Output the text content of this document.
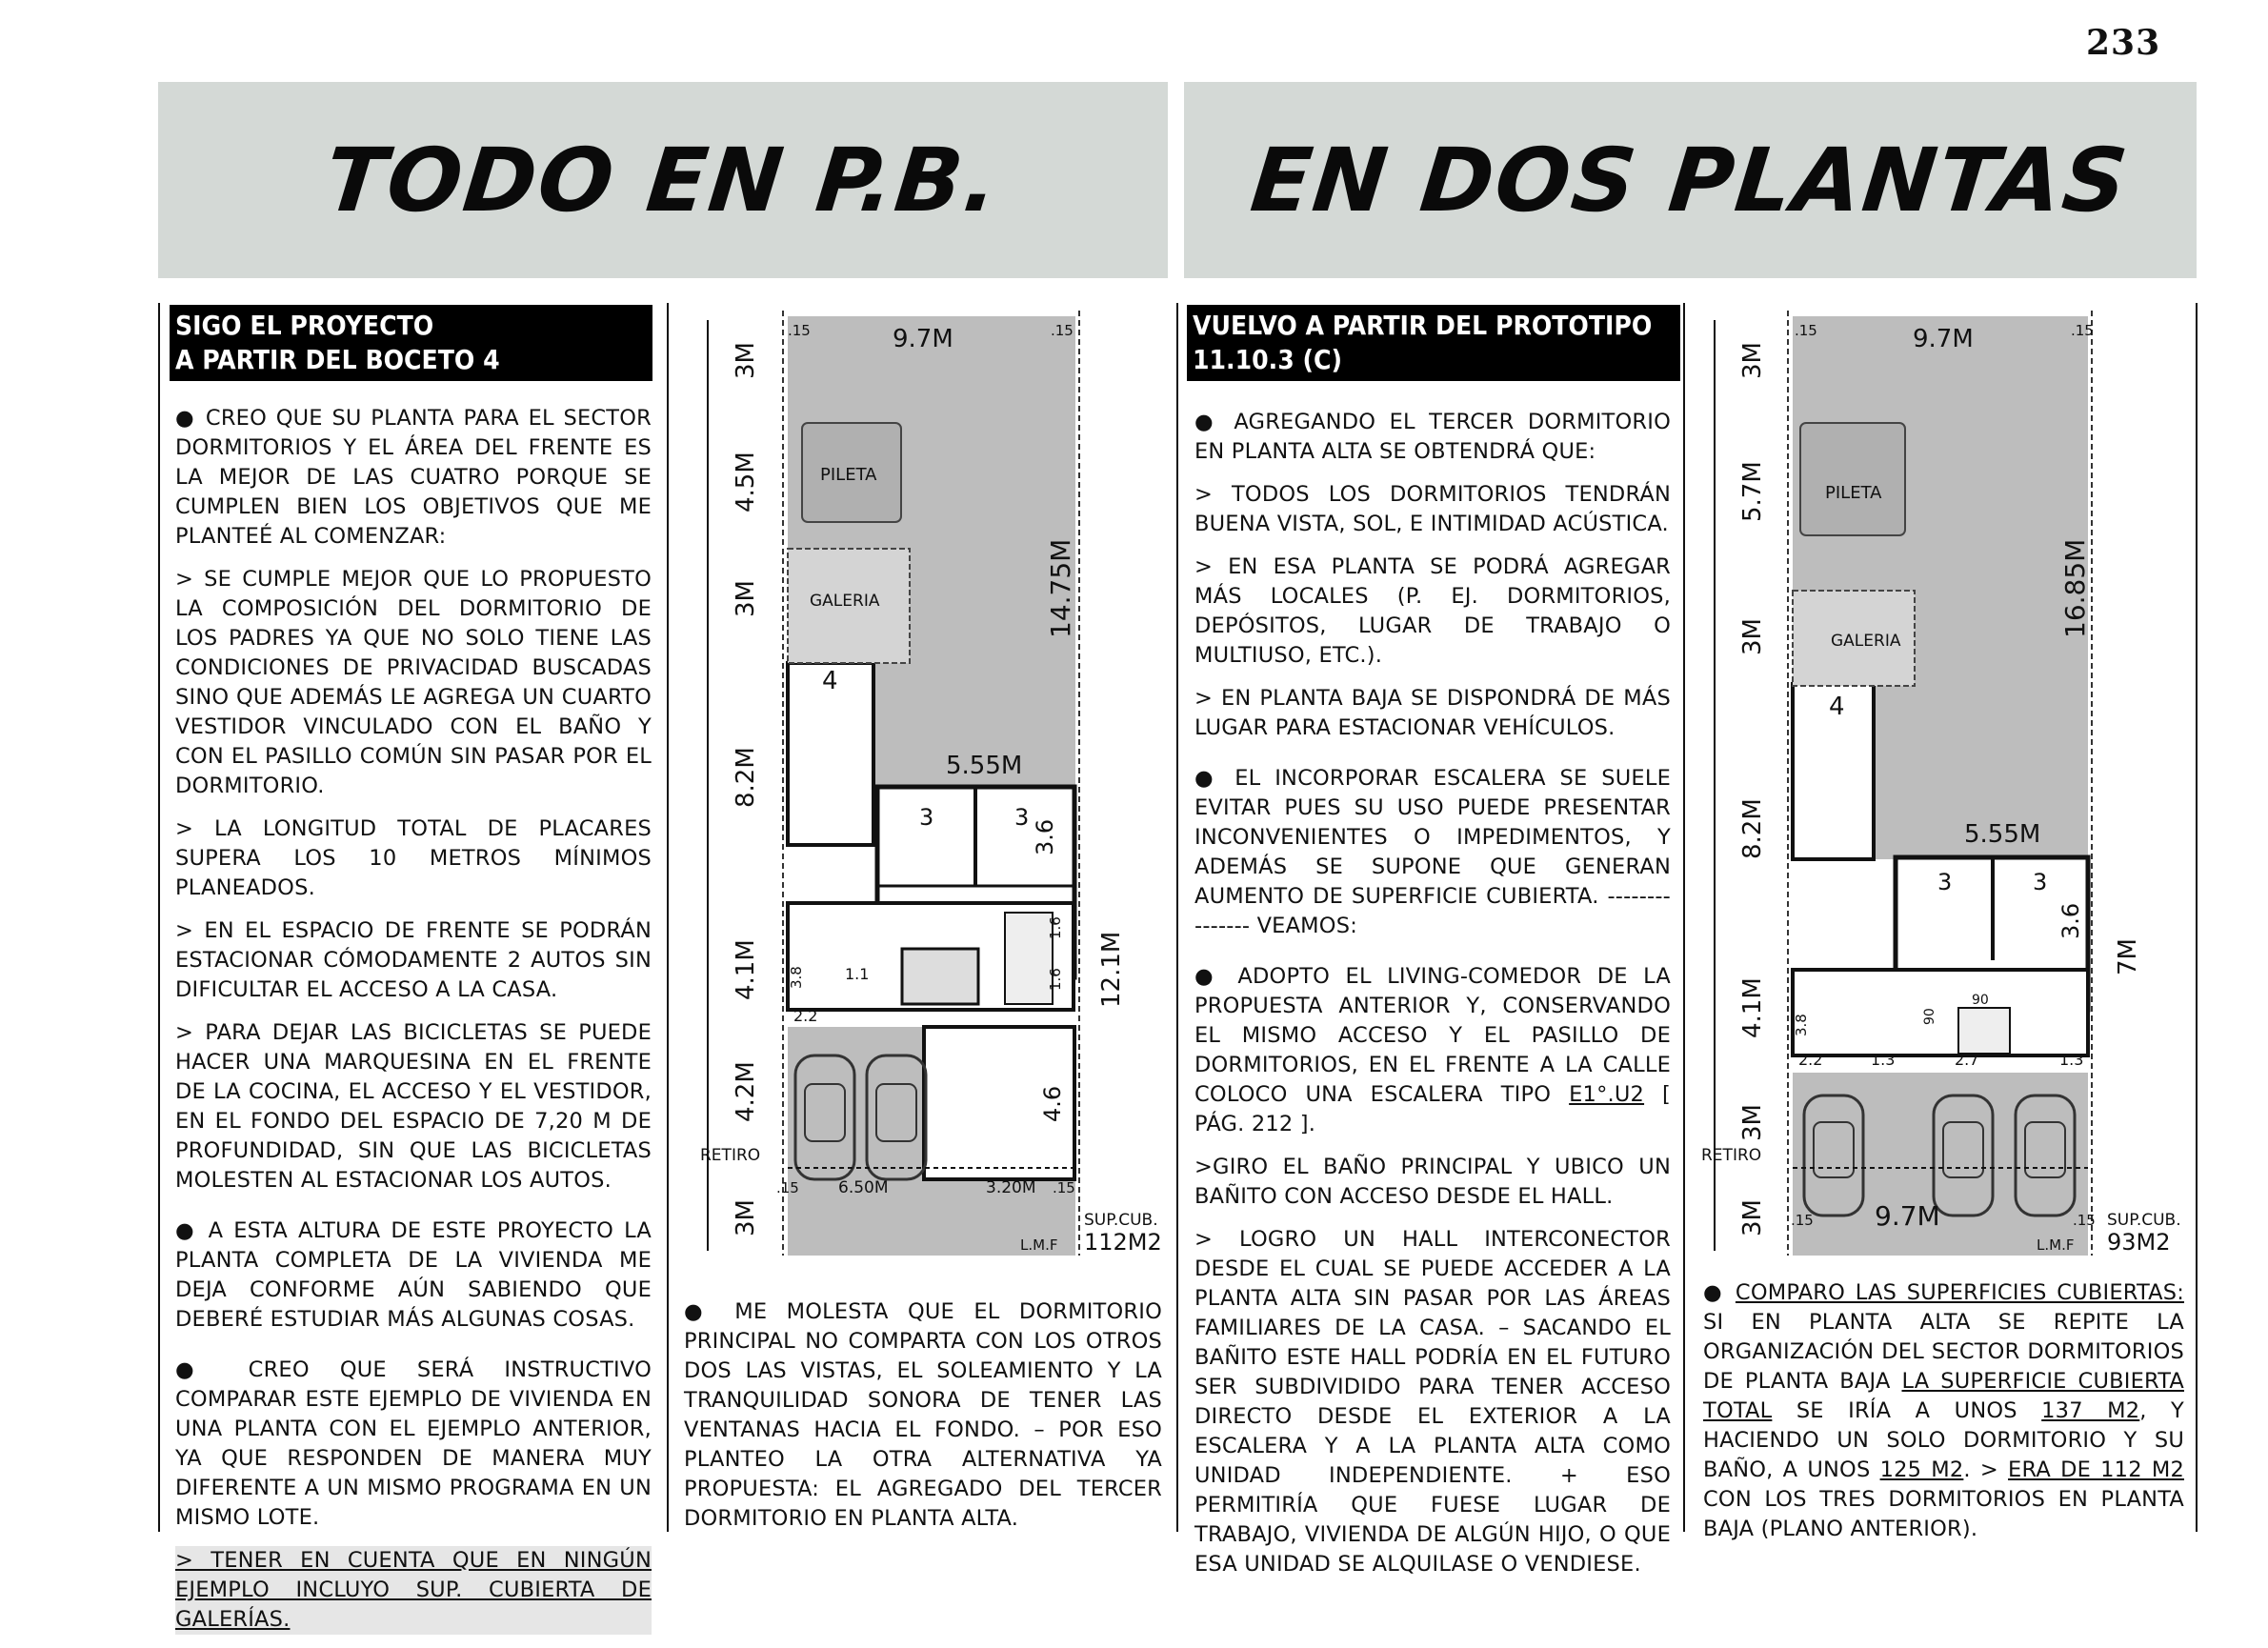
233
TODO EN P.B.	EN DOS PLANTAS
SIGO EL PROYECTO
A PARTIR DEL BOCETO 4

● CREO QUE SU PLANTA PARA EL SECTOR DORMITORIOS Y EL ÁREA DEL FRENTE ES LA MEJOR DE LAS CUATRO PORQUE SE CUMPLEN BIEN LOS OBJETIVOS QUE ME PLANTEÉ AL COMENZAR:

> SE CUMPLE MEJOR QUE LO PROPUESTO LA COMPOSICIÓN DEL DORMITORIO DE LOS PADRES YA QUE NO SOLO TIENE LAS CONDICIONES DE PRIVACIDAD BUSCADAS SINO QUE ADEMÁS LE AGREGA UN CUARTO VESTIDOR VINCULADO CON EL BAÑO Y CON EL PASILLO COMÚN SIN PASAR POR EL DORMITORIO.

> LA LONGITUD TOTAL DE PLACARES SUPERA LOS 10 METROS MÍNIMOS PLANEADOS.

> EN EL ESPACIO DE FRENTE SE PODRÁN ESTACIONAR CÓMODAMENTE 2 AUTOS SIN DIFICULTAR EL ACCESO A LA CASA.

> PARA DEJAR LAS BICICLETAS SE PUEDE HACER UNA MARQUESINA EN EL FRENTE DE LA COCINA, EL ACCESO Y EL VESTIDOR, EN EL FONDO DEL ESPACIO DE 7,20 M DE PROFUNDIDAD, SIN QUE LAS BICICLETAS MOLESTEN AL ESTACIONAR LOS AUTOS.

● A ESTA ALTURA DE ESTE PROYECTO LA PLANTA COMPLETA DE LA VIVIENDA ME DEJA CONFORME AÚN SABIENDO QUE DEBERÉ ESTUDIAR MÁS ALGUNAS COSAS.

● CREO QUE SERÁ INSTRUCTIVO COMPARAR ESTE EJEMPLO DE VIVIENDA EN UNA PLANTA CON EL EJEMPLO ANTERIOR, YA QUE RESPONDEN DE MANERA MUY DIFERENTE A UN MISMO PROGRAMA EN UN MISMO LOTE.

> TENER EN CUENTA QUE EN NINGÚN EJEMPLO INCLUYO SUP. CUBIERTA DE GALERÍAS.

PILETA
GALERIA
4
5.55M
3	3
3.6
1.6
1.6
1.1
3.8
2.2
4.6
RETIRO
.15 6.50M	3.20M .15
.15	9.7M	.15
3M
4.5M
3M
8.2M
4.1M
4.2M
3M
14.75M
12.1M
SUP.CUB.
112M2
L.M.F

● ME MOLESTA QUE EL DORMITORIO PRINCIPAL NO COMPARTA CON LOS OTROS DOS LAS VISTAS, EL SOLEAMIENTO Y LA TRANQUILIDAD SONORA DE TENER LAS VENTANAS HACIA EL FONDO. – POR ESO PLANTEO LA OTRA ALTERNATIVA YA PROPUESTA: EL AGREGADO DEL TERCER DORMITORIO EN PLANTA ALTA.

VUELVO A PARTIR DEL PROTOTIPO
11.10.3 (C)

● AGREGANDO EL TERCER DORMITORIO EN PLANTA ALTA SE OBTENDRÁ QUE:

> TODOS LOS DORMITORIOS TENDRÁN BUENA VISTA, SOL, E INTIMIDAD ACÚSTICA.

> EN ESA PLANTA SE PODRÁ AGREGAR MÁS LOCALES (P. EJ. DORMITORIOS, DEPÓSITOS, LUGAR DE TRABAJO O MULTIUSO, ETC.).

> EN PLANTA BAJA SE DISPONDRÁ DE MÁS LUGAR PARA ESTACIONAR VEHÍCULOS.

● EL INCORPORAR ESCALERA SE SUELE EVITAR PUES SU USO PUEDE PRESENTAR INCONVENIENTES O IMPEDIMENTOS, Y ADEMÁS SE SUPONE QUE GENERAN AUMENTO DE SUPERFICIE CUBIERTA. --------------- VEAMOS:

● ADOPTO EL LIVING-COMEDOR DE LA PROPUESTA ANTERIOR Y, CONSERVANDO EL MISMO ACCESO Y EL PASILLO DE DORMITORIOS, EN EL FRENTE A LA CALLE COLOCO UNA ESCALERA TIPO E1°.U2 [ PÁG. 212 ].

>GIRO EL BAÑO PRINCIPAL Y UBICO UN BAÑITO CON ACCESO DESDE EL HALL.

> LOGRO UN HALL INTERCONECTOR DESDE EL CUAL SE PUEDE ACCEDER A LA PLANTA ALTA SIN PASAR POR LAS ÁREAS FAMILIARES DE LA CASA. – SACANDO EL BAÑITO ESTE HALL PODRÍA EN EL FUTURO SER SUBDIVIDIDO PARA TENER ACCESO DIRECTO DESDE EL EXTERIOR A LA ESCALERA Y A LA PLANTA ALTA COMO UNIDAD INDEPENDIENTE. + ESO PERMITIRÍA QUE FUESE LUGAR DE TRABAJO, VIVIENDA DE ALGÚN HIJO, O QUE ESA UNIDAD SE ALQUILASE O VENDIESE.

PILETA
GALERIA
4
5.55M
3	3
3.6
90
90
3.8
2.2	1.3	2.7	1.3
RETIRO
.15 9.7M	.15
.15	9.7M	.15
3M
5.7M
3M
8.2M
4.1M
3M
3M
16.85M
7M
SUP.CUB.
93M2
L.M.F

● COMPARO LAS SUPERFICIES CUBIERTAS: SI EN PLANTA ALTA SE REPITE LA ORGANIZACIÓN DEL SECTOR DORMITORIOS DE PLANTA BAJA LA SUPERFICIE CUBIERTA TOTAL SE IRÍA A UNOS 137 M2, Y HACIENDO UN SOLO DORMITORIO Y SU BAÑO, A UNOS 125 M2. > ERA DE 112 M2 CON LOS TRES DORMITORIOS EN PLANTA BAJA (PLANO ANTERIOR).
